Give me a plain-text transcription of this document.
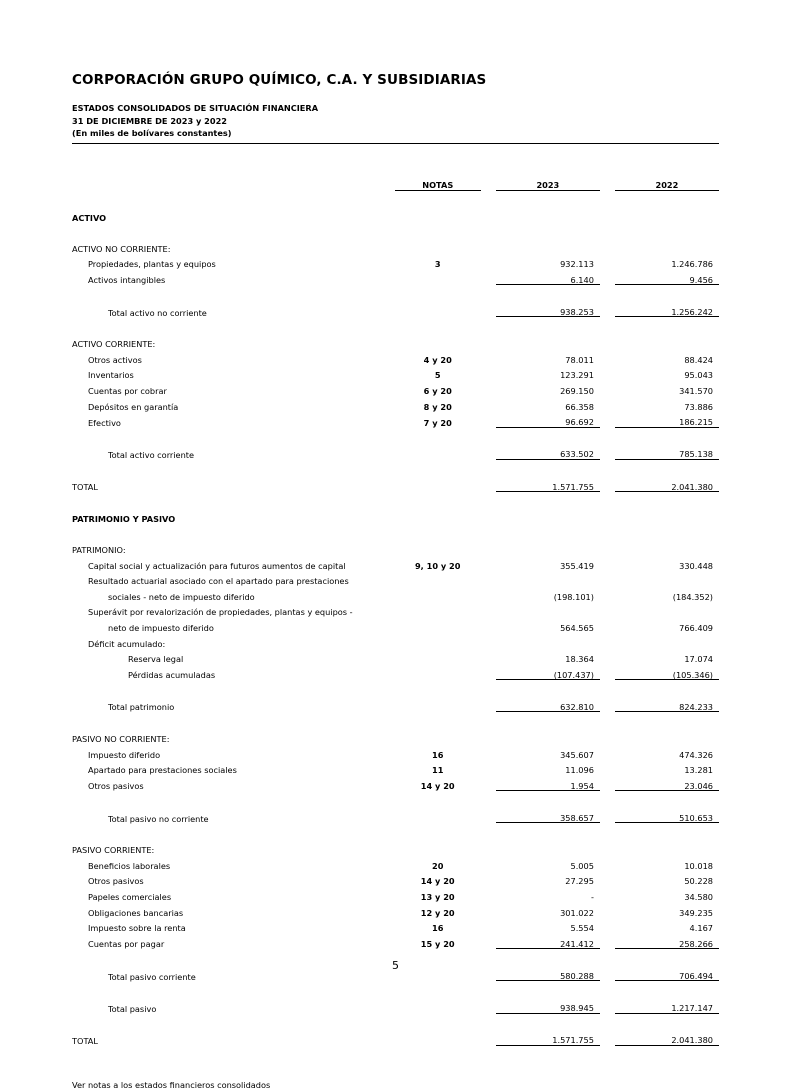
CORPORACIÓN GRUPO QUÍMICO, C.A. Y SUBSIDIARIAS
ESTADOS CONSOLIDADOS DE SITUACIÓN FINANCIERA
31 DE DICIEMBRE DE 2023 y 2022
(En miles de bolívares constantes)
	NOTAS		2023		2022

ACTIVO					

ACTIVO NO CORRIENTE:					
Propiedades, plantas y equipos	3		932.113		1.246.786
Activos intangibles			6.140		9.456

Total activo no corriente			938.253		1.256.242

ACTIVO CORRIENTE:					
Otros activos	4 y 20		78.011		88.424
Inventarios	5		123.291		95.043
Cuentas por cobrar	6 y 20		269.150		341.570
Depósitos en garantía	8 y 20		66.358		73.886
Efectivo	7 y 20		96.692		186.215

Total activo corriente			633.502		785.138

TOTAL			1.571.755		2.041.380

PATRIMONIO Y PASIVO					

PATRIMONIO:					
Capital social y actualización para futuros aumentos de capital	9, 10 y 20		355.419		330.448
Resultado actuarial asociado con el apartado para prestaciones					
sociales - neto de impuesto diferido			(198.101)		(184.352)
Superávit por revalorización de propiedades, plantas y equipos -					
neto de impuesto diferido			564.565		766.409
Déficit acumulado:					
Reserva legal			18.364		17.074
Pérdidas acumuladas			(107.437)		(105.346)

Total patrimonio			632.810		824.233

PASIVO NO CORRIENTE:					
Impuesto diferido	16		345.607		474.326
Apartado para prestaciones sociales	11		11.096		13.281
Otros pasivos	14 y 20		1.954		23.046

Total pasivo no corriente			358.657		510.653

PASIVO CORRIENTE:					
Beneficios laborales	20		5.005		10.018
Otros pasivos	14 y 20		27.295		50.228
Papeles comerciales	13 y 20		-		34.580
Obligaciones bancarias	12 y 20		301.022		349.235
Impuesto sobre la renta	16		5.554		4.167
Cuentas por pagar	15 y 20		241.412		258.266

Total pasivo corriente			580.288		706.494

Total pasivo			938.945		1.217.147

TOTAL			1.571.755		2.041.380
Ver notas a los estados financieros consolidados
5
